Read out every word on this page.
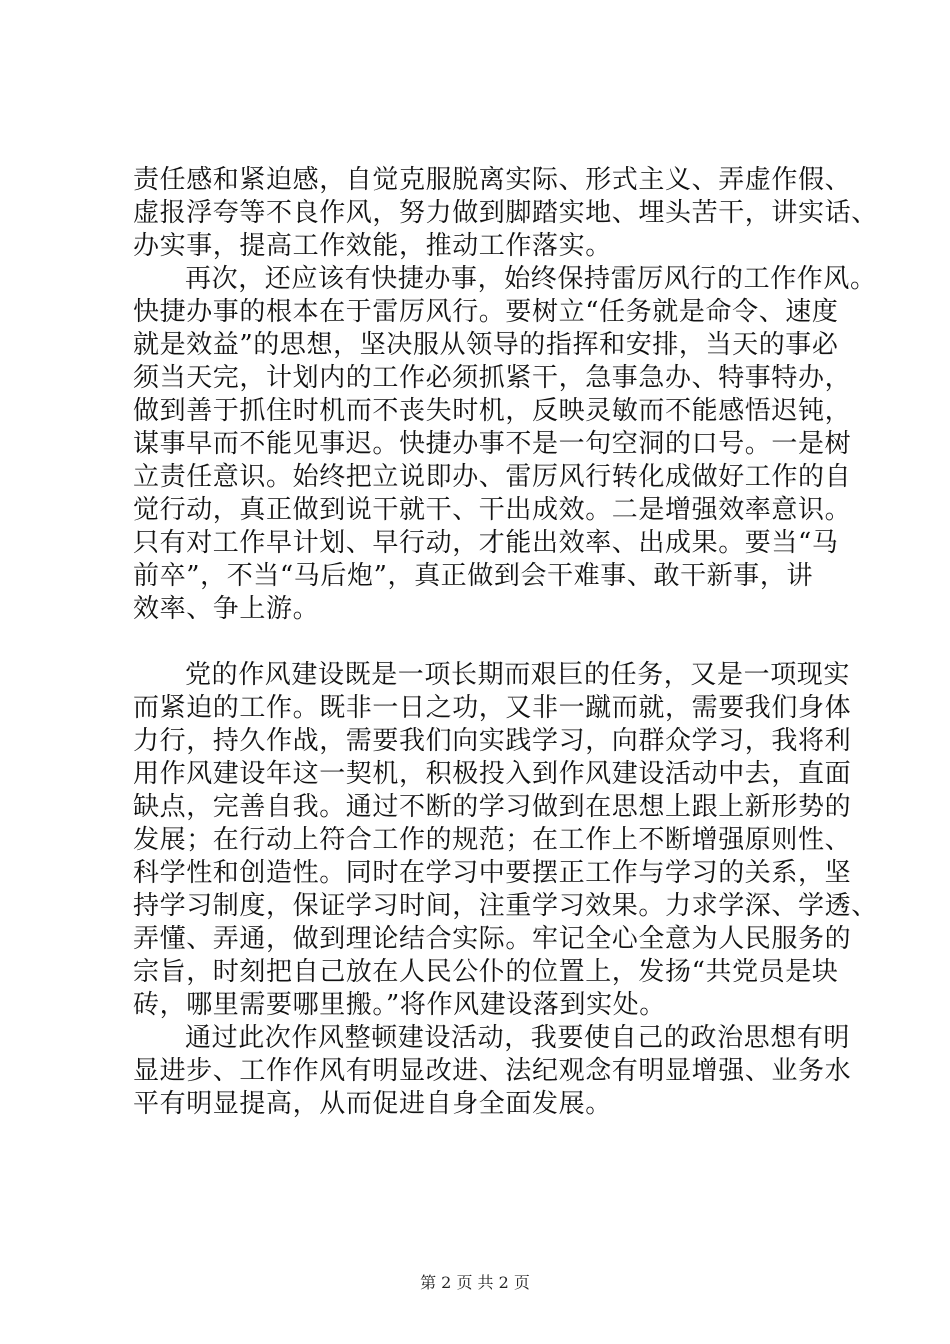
责任感和紧迫感，自觉克服脱离实际、形式主义、弄虚作假、
虚报浮夸等不良作风，努力做到脚踏实地、埋头苦干，讲实话、
办实事，提高工作效能，推动工作落实。
再次，还应该有快捷办事，始终保持雷厉风行的工作作风。
快捷办事的根本在于雷厉风行。要树立“任务就是命令、速度
就是效益”的思想，坚决服从领导的指挥和安排，当天的事必
须当天完，计划内的工作必须抓紧干，急事急办、特事特办，
做到善于抓住时机而不丧失时机，反映灵敏而不能感悟迟钝，
谋事早而不能见事迟。快捷办事不是一句空洞的口号。一是树
立责任意识。始终把立说即办、雷厉风行转化成做好工作的自
觉行动，真正做到说干就干、干出成效。二是增强效率意识。
只有对工作早计划、早行动，才能出效率、出成果。要当“马
前卒”，不当“马后炮”，真正做到会干难事、敢干新事，讲
效率、争上游。
党的作风建设既是一项长期而艰巨的任务，又是一项现实
而紧迫的工作。既非一日之功，又非一蹴而就，需要我们身体
力行，持久作战，需要我们向实践学习，向群众学习，我将利
用作风建设年这一契机，积极投入到作风建设活动中去，直面
缺点，完善自我。通过不断的学习做到在思想上跟上新形势的
发展；在行动上符合工作的规范；在工作上不断增强原则性、
科学性和创造性。同时在学习中要摆正工作与学习的关系，坚
持学习制度，保证学习时间，注重学习效果。力求学深、学透、
弄懂、弄通，做到理论结合实际。牢记全心全意为人民服务的
宗旨，时刻把自己放在人民公仆的位置上，发扬“共党员是块
砖，哪里需要哪里搬。”将作风建设落到实处。
通过此次作风整顿建设活动，我要使自己的政治思想有明
显进步、工作作风有明显改进、法纪观念有明显增强、业务水
平有明显提高，从而促进自身全面发展。
第 2 页 共 2 页
